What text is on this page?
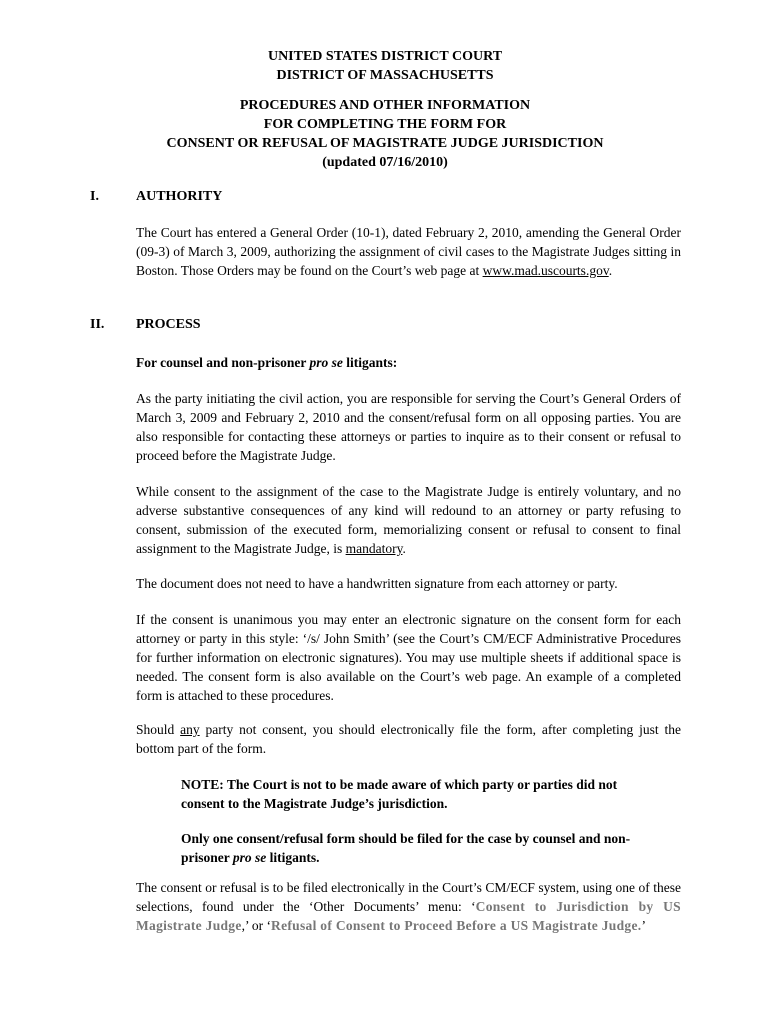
UNITED STATES DISTRICT COURT
DISTRICT OF MASSACHUSETTS
PROCEDURES AND OTHER INFORMATION
FOR COMPLETING THE FORM FOR
CONSENT OR REFUSAL OF MAGISTRATE JUDGE JURISDICTION
(updated 07/16/2010)
I.	AUTHORITY
The Court has entered a General Order (10-1), dated February 2, 2010, amending the General Order (09-3) of March 3, 2009, authorizing the assignment of civil cases to the Magistrate Judges sitting in Boston. Those Orders may be found on the Court’s web page at www.mad.uscourts.gov.
II. PROCESS
For counsel and non-prisoner pro se litigants:
As the party initiating the civil action, you are responsible for serving the Court’s General Orders of March 3, 2009 and February 2, 2010 and the consent/refusal form on all opposing parties. You are also responsible for contacting these attorneys or parties to inquire as to their consent or refusal to proceed before the Magistrate Judge.
While consent to the assignment of the case to the Magistrate Judge is entirely voluntary, and no adverse substantive consequences of any kind will redound to an attorney or party refusing to consent, submission of the executed form, memorializing consent or refusal to consent to final assignment to the Magistrate Judge, is mandatory.
The document does not need to have a handwritten signature from each attorney or party.
If the consent is unanimous you may enter an electronic signature on the consent form for each attorney or party in this style: ‘/s/ John Smith’ (see the Court’s CM/ECF Administrative Procedures for further information on electronic signatures). You may use multiple sheets if additional space is needed. The consent form is also available on the Court’s web page. An example of a completed form is attached to these procedures.
Should any party not consent, you should electronically file the form, after completing just the bottom part of the form.
NOTE: The Court is not to be made aware of which party or parties did not consent to the Magistrate Judge’s jurisdiction.
Only one consent/refusal form should be filed for the case by counsel and non-prisoner pro se litigants.
The consent or refusal is to be filed electronically in the Court’s CM/ECF system, using one of these selections, found under the ‘Other Documents’ menu: ‘Consent to Jurisdiction by US Magistrate Judge,’ or ‘Refusal of Consent to Proceed Before a US Magistrate Judge.’
